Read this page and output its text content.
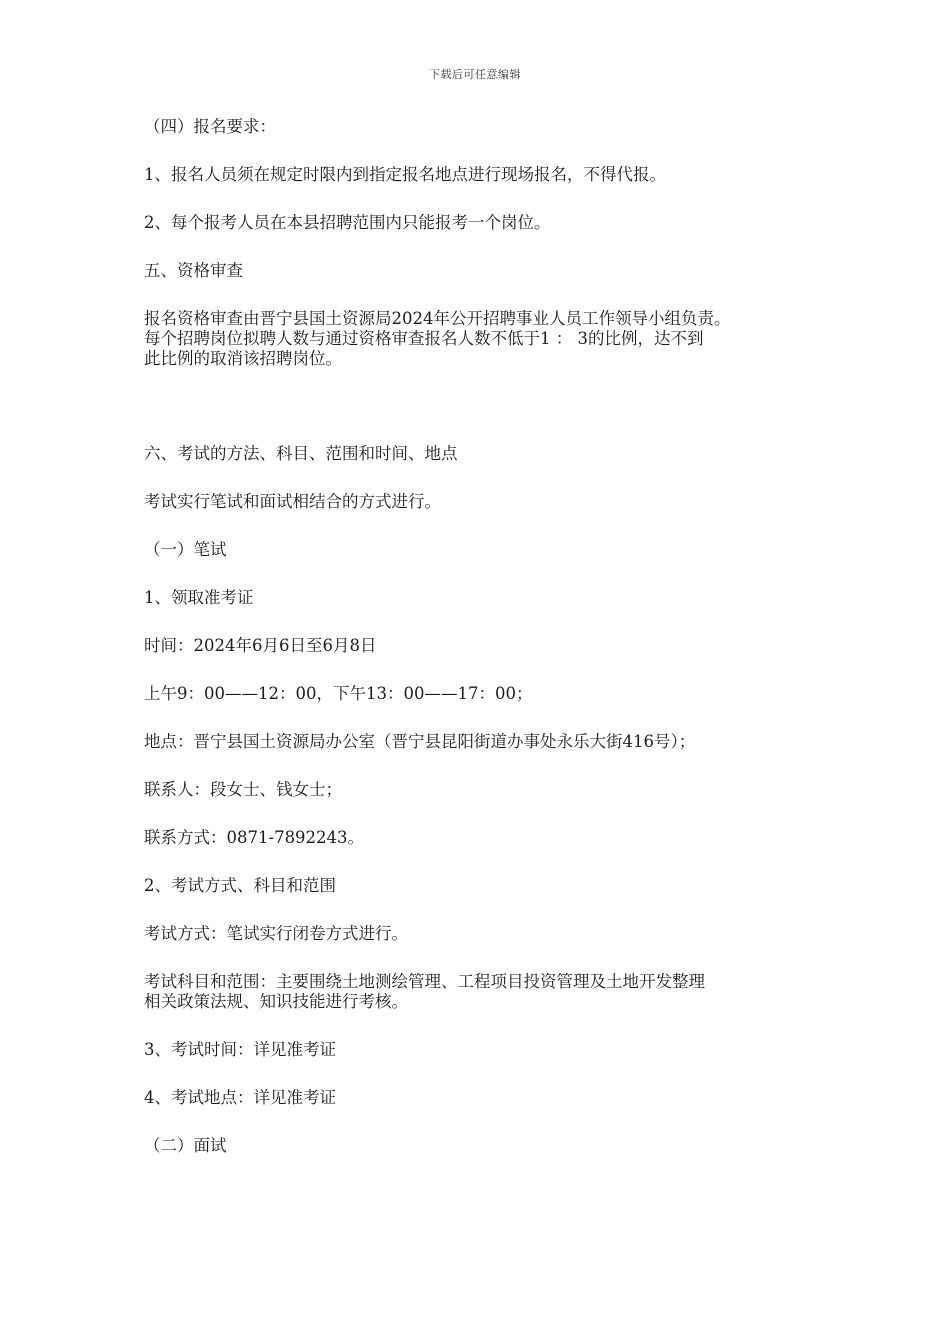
下载后可任意编辑

（四）报名要求：

1、报名人员须在规定时限内到指定报名地点进行现场报名，不得代报。

2、每个报考人员在本县招聘范围内只能报考一个岗位。

五、资格审查

报名资格审查由晋宁县国土资源局2024年公开招聘事业人员工作领导小组负责。
每个招聘岗位拟聘人数与通过资格审查报名人数不低于1 ： 3的比例，达不到
此比例的取消该招聘岗位。

六、考试的方法、科目、范围和时间、地点

考试实行笔试和面试相结合的方式进行。

（一）笔试

1、领取准考证

时间：2024年6月6日至6月8日

上午9：00——12：00，下午13：00——17：00；

地点：晋宁县国土资源局办公室（晋宁县昆阳街道办事处永乐大街416号）；

联系人：段女士、钱女士；

联系方式：0871-7892243。

2、考试方式、科目和范围

考试方式：笔试实行闭卷方式进行。

考试科目和范围：主要围绕土地测绘管理、工程项目投资管理及土地开发整理
相关政策法规、知识技能进行考核。

3、考试时间：详见准考证

4、考试地点：详见准考证

（二）面试
